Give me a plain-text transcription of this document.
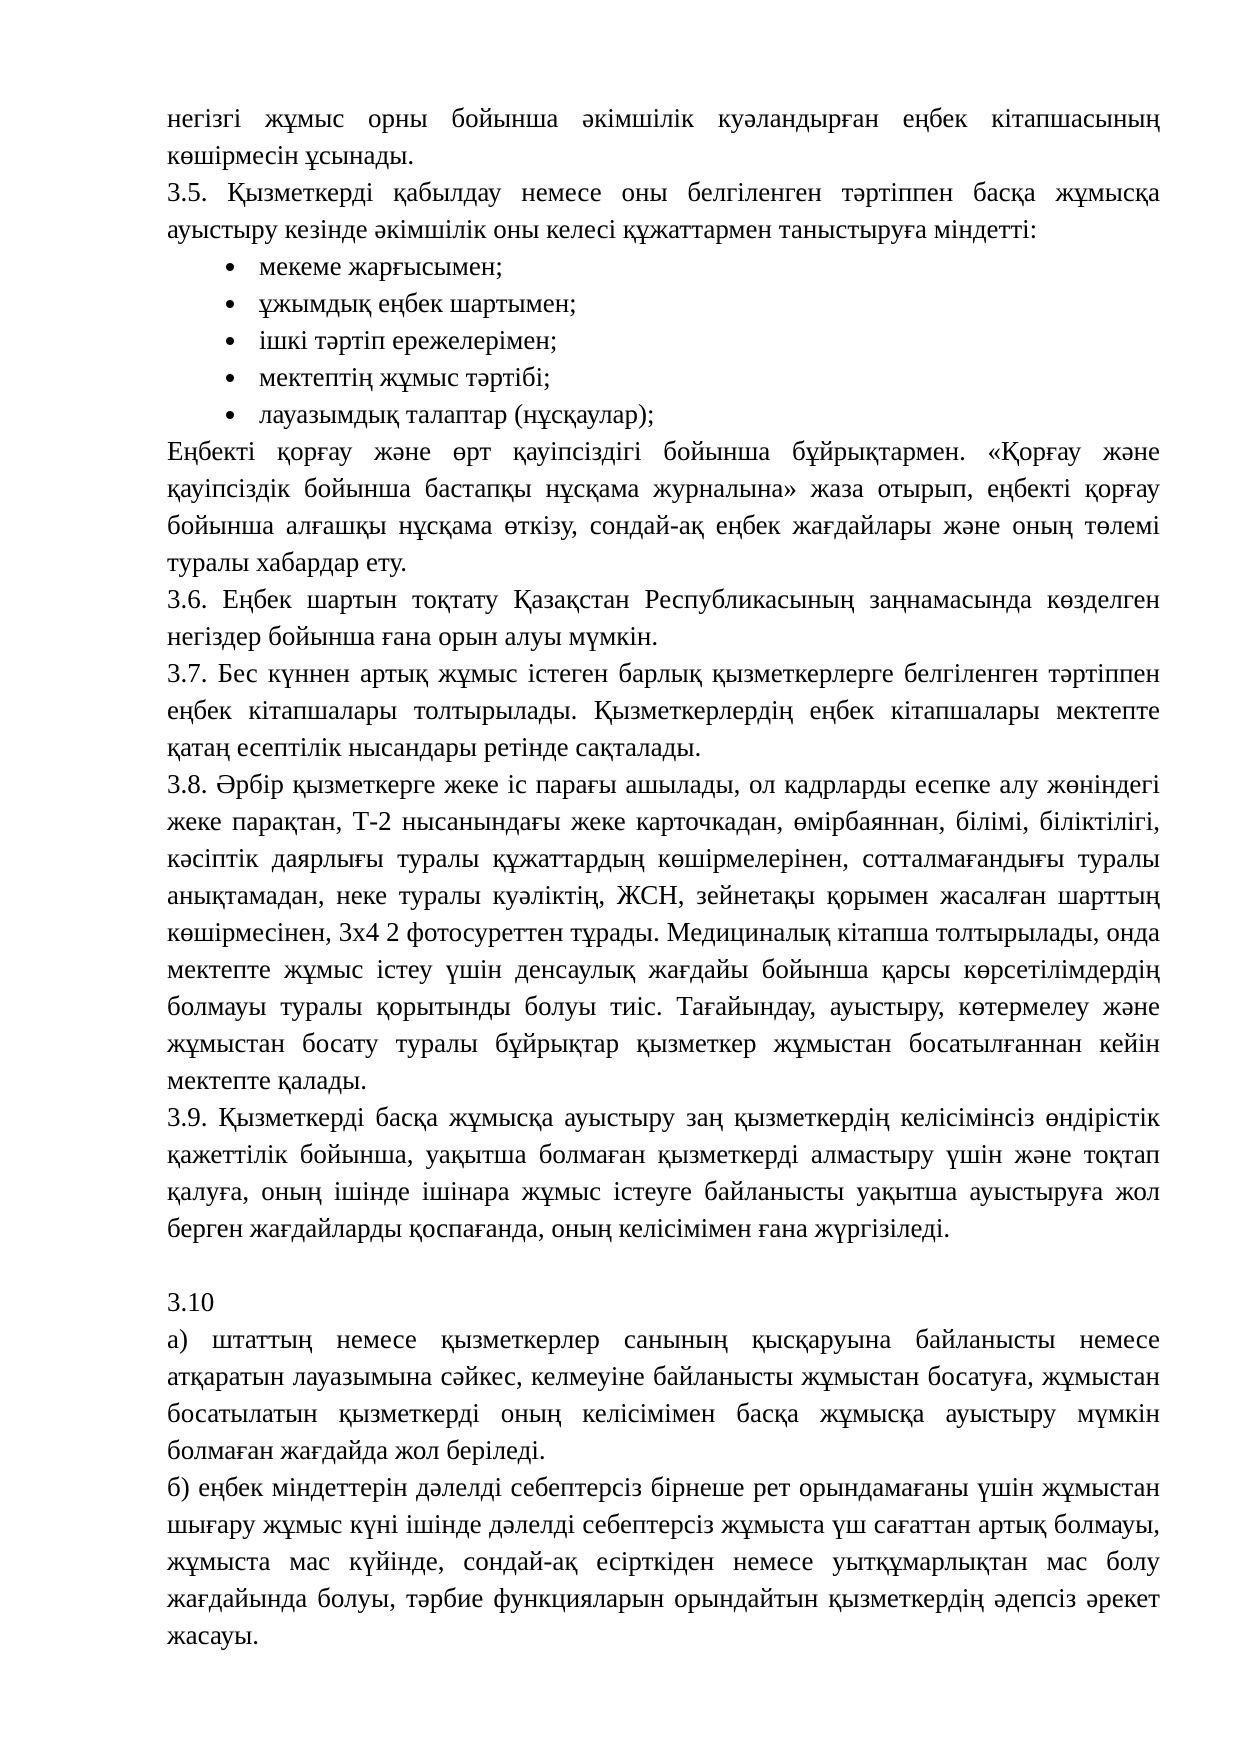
негізгі жұмыс орны бойынша әкімшілік куәландырған еңбек кітапшасының көшірмесін ұсынады.

3.5. Қызметкерді қабылдау немесе оны белгіленген тәртіппен басқа жұмысқа ауыстыру кезінде әкімшілік оны келесі құжаттармен таныстыруға міндетті:

• мекеме жарғысымен;
• ұжымдық еңбек шартымен;
• ішкі тәртіп ережелерімен;
• мектептің жұмыс тәртібі;
• лауазымдық талаптар (нұсқаулар);

Еңбекті қорғау және өрт қауіпсіздігі бойынша бұйрықтармен. «Қорғау және қауіпсіздік бойынша бастапқы нұсқама журналына» жаза отырып, еңбекті қорғау бойынша алғашқы нұсқама өткізу, сондай-ақ еңбек жағдайлары және оның төлемі туралы хабардар ету.

3.6. Еңбек шартын тоқтату Қазақстан Республикасының заңнамасында көзделген негіздер бойынша ғана орын алуы мүмкін.

3.7. Бес күннен артық жұмыс істеген барлық қызметкерлерге белгіленген тәртіппен еңбек кітапшалары толтырылады. Қызметкерлердің еңбек кітапшалары мектепте қатаң есептілік нысандары ретінде сақталады.

3.8. Әрбір қызметкерге жеке іс парағы ашылады, ол кадрларды есепке алу жөніндегі жеке парақтан, Т-2 нысанындағы жеке карточкадан, өмірбаяннан, білімі, біліктілігі, кәсіптік даярлығы туралы құжаттардың көшірмелерінен, сотталмағандығы туралы анықтамадан, неке туралы куәліктің, ЖСН, зейнетақы қорымен жасалған шарттың көшірмесінен, 3х4 2 фотосуреттен тұрады. Медициналық кітапша толтырылады, онда мектепте жұмыс істеу үшін денсаулық жағдайы бойынша қарсы көрсетілімдердің болмауы туралы қорытынды болуы тиіс. Тағайындау, ауыстыру, көтермелеу және жұмыстан босату туралы бұйрықтар қызметкер жұмыстан босатылғаннан кейін мектепте қалады.

3.9. Қызметкерді басқа жұмысқа ауыстыру заң қызметкердің келісімінсіз өндірістік қажеттілік бойынша, уақытша болмаған қызметкерді алмастыру үшін және тоқтап қалуға, оның ішінде ішінара жұмыс істеуге байланысты уақытша ауыстыруға жол берген жағдайларды қоспағанда, оның келісімімен ғана жүргізіледі.

3.10

а) штаттың немесе қызметкерлер санының қысқаруына байланысты немесе атқаратын лауазымына сәйкес, келмеуіне байланысты жұмыстан босатуға, жұмыстан босатылатын қызметкерді оның келісімімен басқа жұмысқа ауыстыру мүмкін болмаған жағдайда жол беріледі.

б) еңбек міндеттерін дәлелді себептерсіз бірнеше рет орындамағаны үшін жұмыстан шығару жұмыс күні ішінде дәлелді себептерсіз жұмыста үш сағаттан артық болмауы, жұмыста мас күйінде, сондай-ақ есірткіден немесе уытқұмарлықтан мас болу жағдайында болуы, тәрбие функцияларын орындайтын қызметкердің әдепсіз әрекет жасауы.
